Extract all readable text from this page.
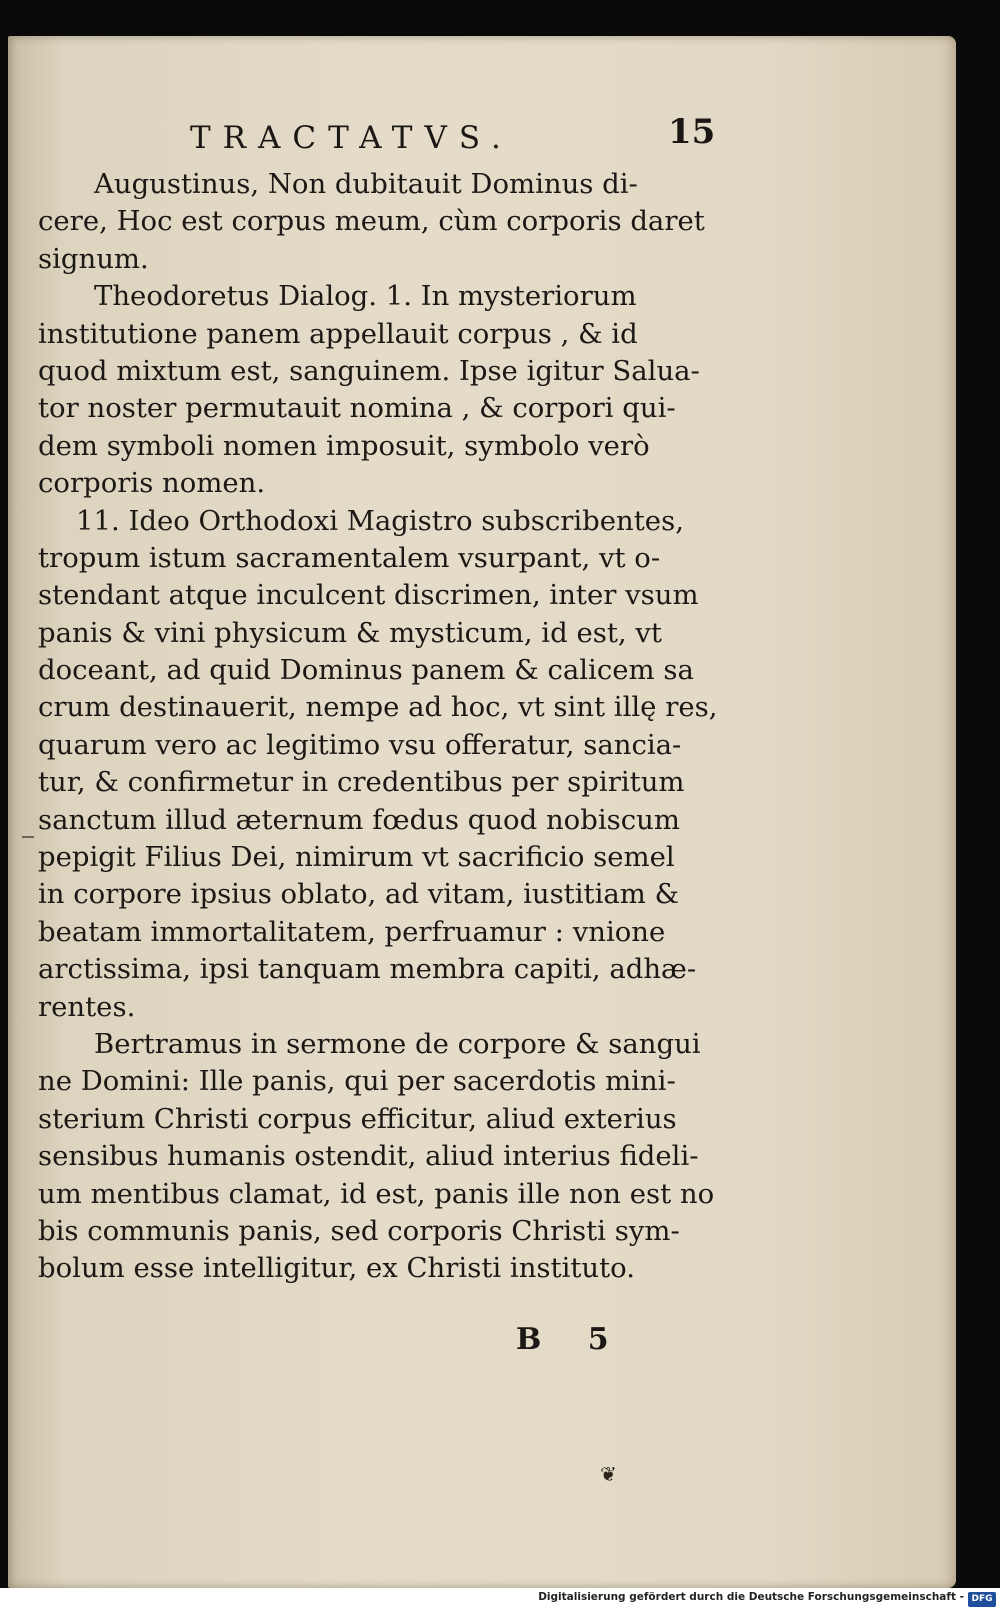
TRACTATVS.	15
Augustinus, Non dubitauit Dominus di-
cere, Hoc est corpus meum, cùm corporis daret
signum.
Theodoretus Dialog. 1. In mysteriorum
institutione panem appellauit corpus , & id
quod mixtum est, sanguinem. Ipse igitur Salua-
tor noster permutauit nomina , & corpori qui-
dem symboli nomen imposuit, symbolo verò
corporis nomen.
11. Ideo Orthodoxi Magistro subscribentes,
tropum istum sacramentalem vsurpant, vt o-
stendant atque inculcent discrimen, inter vsum
panis & vini physicum & mysticum, id est, vt
doceant, ad quid Dominus panem & calicem sa
crum destinauerit, nempe ad hoc, vt sint illę res,
quarum vero ac legitimo vsu offeratur, sancia-
tur, & confirmetur in credentibus per spiritum
sanctum illud æternum fœdus quod nobiscum
pepigit Filius Dei, nimirum vt sacrificio semel
in corpore ipsius oblato, ad vitam, iustitiam &
beatam immortalitatem, perfruamur : vnione
arctissima, ipsi tanquam membra capiti, adhæ-
rentes.
Bertramus in sermone de corpore & sangui
ne Domini: Ille panis, qui per sacerdotis mini-
sterium Christi corpus efficitur, aliud exterius
sensibus humanis ostendit, aliud interius fideli-
um mentibus clamat, id est, panis ille non est no
bis communis panis, sed corporis Christi sym-
bolum esse intelligitur, ex Christi instituto.
B 5
❦
Digitalisierung gefördert durch die Deutsche Forschungsgemeinschaft - DFG
